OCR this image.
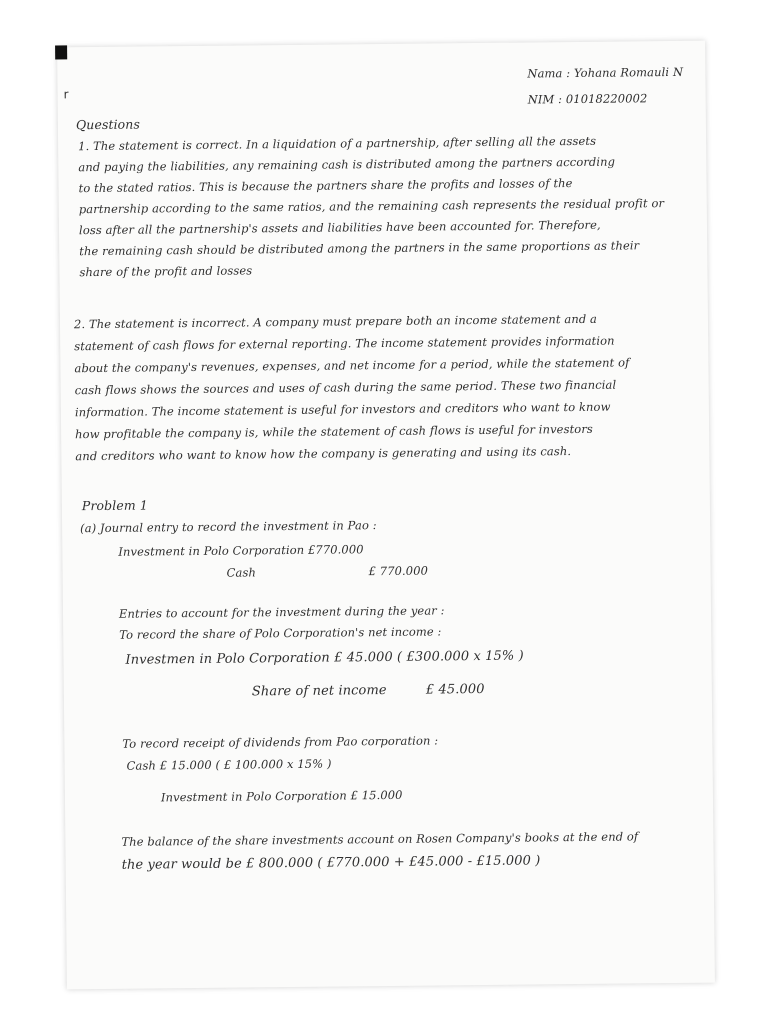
r
Nama : Yohana Romauli N
NIM : 01018220002
Questions
1. The statement is correct. In a liquidation of a partnership, after selling all the assets
and paying the liabilities, any remaining cash is distributed among the partners according
to the stated ratios. This is because the partners share the profits and losses of the
partnership according to the same ratios, and the remaining cash represents the residual profit or
loss after all the partnership's assets and liabilities have been accounted for. Therefore,
the remaining cash should be distributed among the partners in the same proportions as their
share of the profit and losses
2. The statement is incorrect. A company must prepare both an income statement and a
statement of cash flows for external reporting. The income statement provides information
about the company's revenues, expenses, and net income for a period, while the statement of
cash flows shows the sources and uses of cash during the same period. These two financial
information. The income statement is useful for investors and creditors who want to know
how profitable the company is, while the statement of cash flows is useful for investors
and creditors who want to know how the company is generating and using its cash.
Problem 1
(a) Journal entry to record the investment in Pao :
Investment in Polo Corporation £770.000
Cash	£ 770.000
Entries to account for the investment during the year :
To record the share of Polo Corporation's net income :
Investmen in Polo Corporation £ 45.000 ( £300.000 x 15% )
Share of net income	£ 45.000
To record receipt of dividends from Pao corporation :
Cash £ 15.000 ( £ 100.000 x 15% )
Investment in Polo Corporation £ 15.000
The balance of the share investments account on Rosen Company's books at the end of
the year would be £ 800.000 ( £770.000 + £45.000 - £15.000 )
